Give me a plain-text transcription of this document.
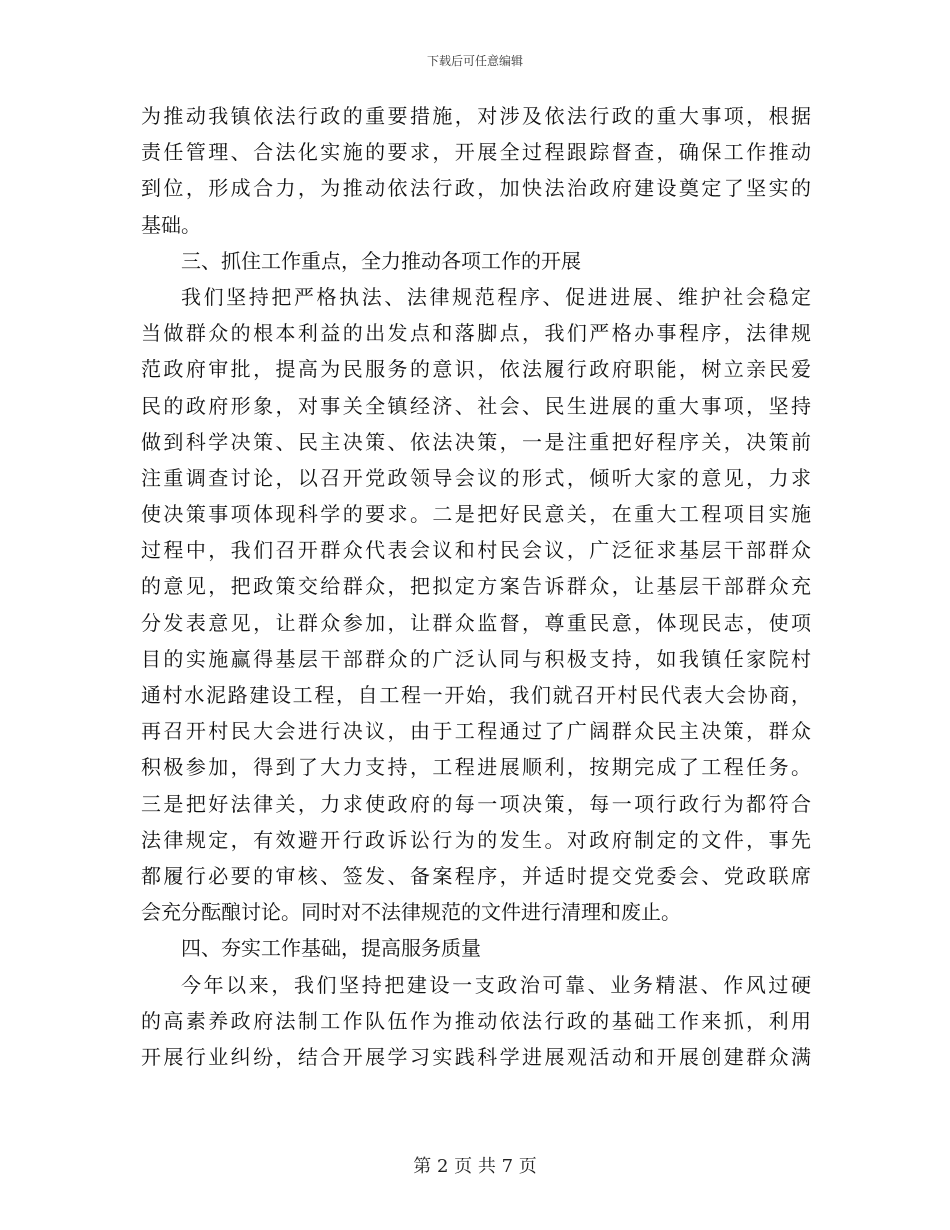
下载后可任意编辑
为推动我镇依法行政的重要措施，对涉及依法行政的重大事项，根据
责任管理、合法化实施的要求，开展全过程跟踪督查，确保工作推动
到位，形成合力，为推动依法行政，加快法治政府建设奠定了坚实的
基础。
三、抓住工作重点，全力推动各项工作的开展
我们坚持把严格执法、法律规范程序、促进进展、维护社会稳定
当做群众的根本利益的出发点和落脚点，我们严格办事程序，法律规
范政府审批，提高为民服务的意识，依法履行政府职能，树立亲民爱
民的政府形象，对事关全镇经济、社会、民生进展的重大事项，坚持
做到科学决策、民主决策、依法决策，一是注重把好程序关，决策前
注重调查讨论，以召开党政领导会议的形式，倾听大家的意见，力求
使决策事项体现科学的要求。二是把好民意关，在重大工程项目实施
过程中，我们召开群众代表会议和村民会议，广泛征求基层干部群众
的意见，把政策交给群众，把拟定方案告诉群众，让基层干部群众充
分发表意见，让群众参加，让群众监督，尊重民意，体现民志，使项
目的实施赢得基层干部群众的广泛认同与积极支持，如我镇任家院村
通村水泥路建设工程，自工程一开始，我们就召开村民代表大会协商，
再召开村民大会进行决议，由于工程通过了广阔群众民主决策，群众
积极参加，得到了大力支持，工程进展顺利，按期完成了工程任务。
三是把好法律关，力求使政府的每一项决策，每一项行政行为都符合
法律规定，有效避开行政诉讼行为的发生。对政府制定的文件，事先
都履行必要的审核、签发、备案程序，并适时提交党委会、党政联席
会充分酝酿讨论。同时对不法律规范的文件进行清理和废止。
四、夯实工作基础，提高服务质量
今年以来，我们坚持把建设一支政治可靠、业务精湛、作风过硬
的高素养政府法制工作队伍作为推动依法行政的基础工作来抓，利用
开展行业纠纷，结合开展学习实践科学进展观活动和开展创建群众满
第 2 页 共 7 页
